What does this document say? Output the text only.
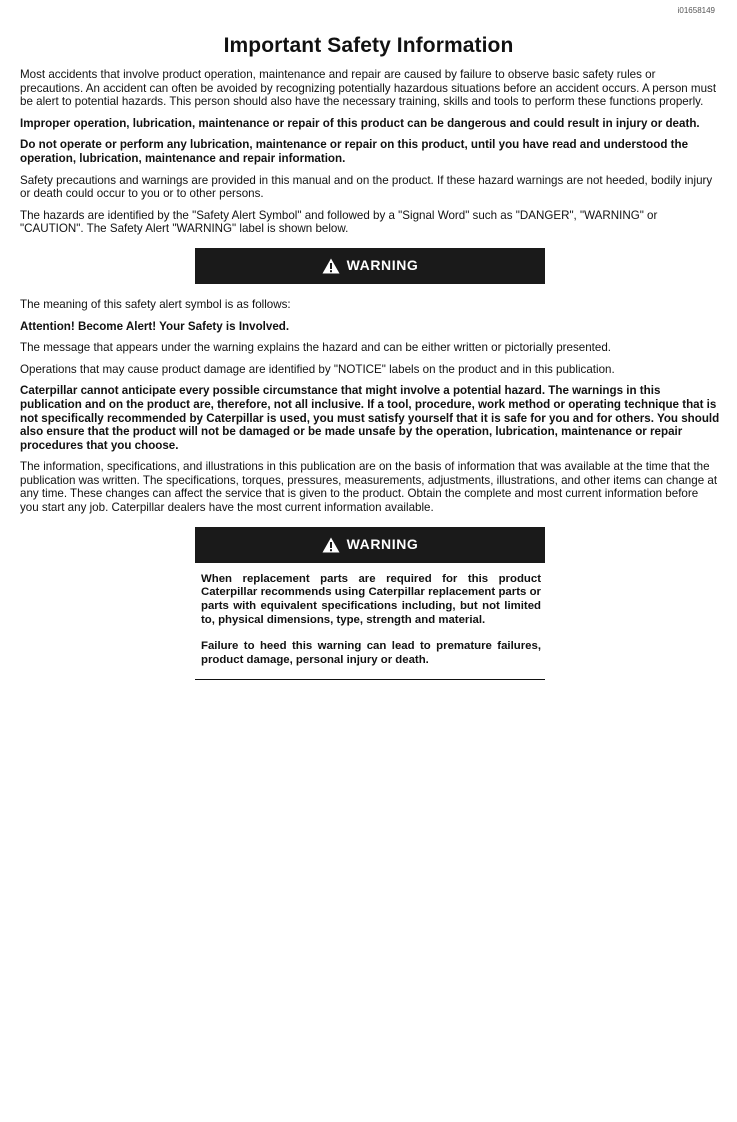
i01658149
Important Safety Information

Most accidents that involve product operation, maintenance and repair are caused by failure to observe basic safety rules or precautions. An accident can often be avoided by recognizing potentially hazardous situations before an accident occurs. A person must be alert to potential hazards. This person should also have the necessary training, skills and tools to perform these functions properly.

Improper operation, lubrication, maintenance or repair of this product can be dangerous and could result in injury or death.

Do not operate or perform any lubrication, maintenance or repair on this product, until you have read and understood the operation, lubrication, maintenance and repair information.

Safety precautions and warnings are provided in this manual and on the product. If these hazard warnings are not heeded, bodily injury or death could occur to you or to other persons.

The hazards are identified by the "Safety Alert Symbol" and followed by a "Signal Word" such as "DANGER", "WARNING" or "CAUTION". The Safety Alert "WARNING" label is shown below.

WARNING

The meaning of this safety alert symbol is as follows:

Attention! Become Alert! Your Safety is Involved.

The message that appears under the warning explains the hazard and can be either written or pictorially presented.

Operations that may cause product damage are identified by "NOTICE" labels on the product and in this publication.

Caterpillar cannot anticipate every possible circumstance that might involve a potential hazard. The warnings in this publication and on the product are, therefore, not all inclusive. If a tool, procedure, work method or operating technique that is not specifically recommended by Caterpillar is used, you must satisfy yourself that it is safe for you and for others. You should also ensure that the product will not be damaged or be made unsafe by the operation, lubrication, maintenance or repair procedures that you choose.

The information, specifications, and illustrations in this publication are on the basis of information that was available at the time that the publication was written. The specifications, torques, pressures, measurements, adjustments, illustrations, and other items can change at any time. These changes can affect the service that is given to the product. Obtain the complete and most current information before you start any job. Caterpillar dealers have the most current information available.

WARNING

When replacement parts are required for this product Caterpillar recommends using Caterpillar replacement parts or parts with equivalent specifications including, but not limited to, physical dimensions, type, strength and material.

Failure to heed this warning can lead to premature failures, product damage, personal injury or death.
